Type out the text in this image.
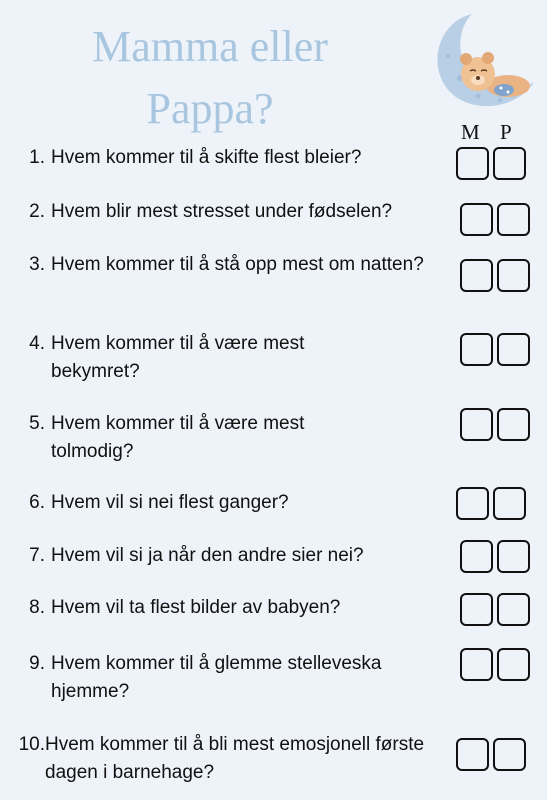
Mamma eller
Pappa?	M P
1. Hvem kommer til å skifte flest bleier?
2. Hvem blir mest stresset under fødselen?
3. Hvem kommer til å stå opp mest om natten?
4. Hvem kommer til å være mest bekymret?
5. Hvem kommer til å være mest tolmodig?
6. Hvem vil si nei flest ganger?
7. Hvem vil si ja når den andre sier nei?
8. Hvem vil ta flest bilder av babyen?
9. Hvem kommer til å glemme stelleveska hjemme?
10. Hvem kommer til å bli mest emosjonell første dagen i barnehage?
